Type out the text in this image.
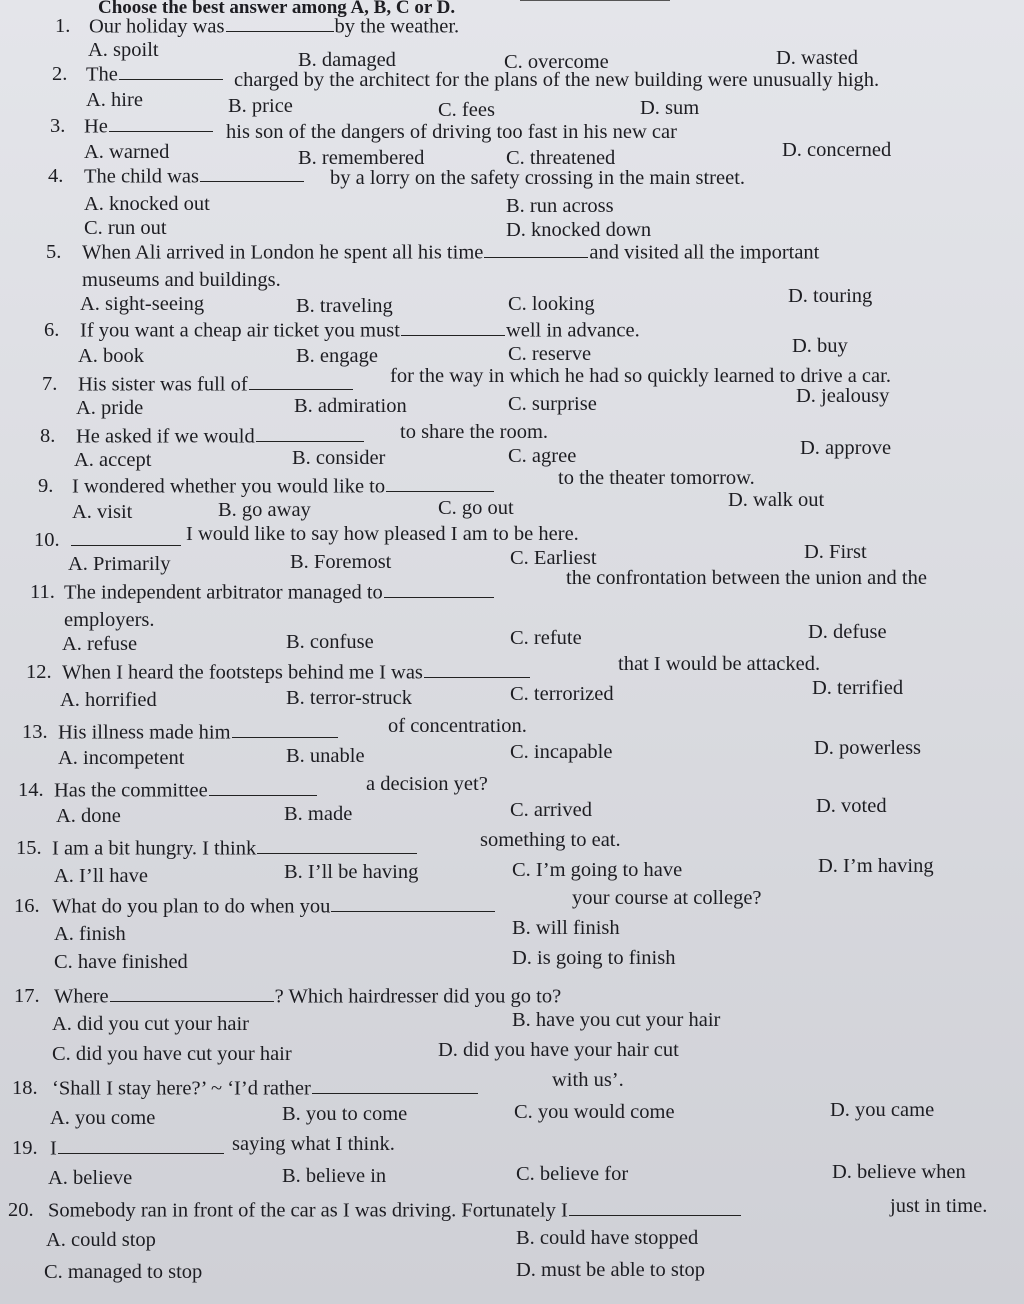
Choose the best answer among A, B, C or D.
1. Our holiday was	by the weather.
A. spoilt	B. damaged	C. overcome	D. wasted
2. The	charged by the architect for the plans of the new building were unusually high.
A. hire	B. price	C. fees	D. sum
3. He	his son of the dangers of driving too fast in his new car
A. warned	B. remembered	C. threatened	D. concerned
4. The child was	by a lorry on the safety crossing in the main street.
A. knocked out	B. run across
C. run out	D. knocked down
5. When Ali arrived in London he spent all his time	and visited all the important
museums and buildings.
A. sight-seeing	B. traveling	C. looking	D. touring
6. If you want a cheap air ticket you must	well in advance.
A. book	B. engage	C. reserve	D. buy
7. His sister was full of	for the way in which he had so quickly learned to drive a car.
A. pride	B. admiration	C. surprise	D. jealousy
8. He asked if we would	to share the room.
A. accept	B. consider	C. agree	D. approve
9. I wondered whether you would like to	to the theater tomorrow.
A. visit	B. go away	C. go out	D. walk out
10.	I would like to say how pleased I am to be here.
A. Primarily	B. Foremost	C. Earliest	D. First
11. The independent arbitrator managed to
the confrontation between the union and the
employers.
A. refuse	B. confuse	C. refute	D. defuse
12. When I heard the footsteps behind me I was	that I would be attacked.
A. horrified	B. terror-struck	C. terrorized	D. terrified
13. His illness made him	of concentration.
A. incompetent	B. unable	C. incapable	D. powerless
14. Has the committee	a decision yet?
A. done	B. made	C. arrived	D. voted
15. I am a bit hungry. I think	something to eat.
A. I’ll have	B. I’ll be having	C. I’m going to have	D. I’m having
16. What do you plan to do when you	your course at college?
A. finish	B. will finish
C. have finished	D. is going to finish
17. Where	? Which hairdresser did you go to?
A. did you cut your hair	B. have you cut your hair
C. did you have cut your hair	D. did you have your hair cut
18. ‘Shall I stay here?’ ~ ‘I’d rather	with us’.
A. you come	B. you to come	C. you would come	D. you came
19. I	saying what I think.
A. believe	B. believe in	C. believe for	D. believe when
20. Somebody ran in front of the car as I was driving. Fortunately I	just in time.
A. could stop	B. could have stopped
C. managed to stop	D. must be able to stop
